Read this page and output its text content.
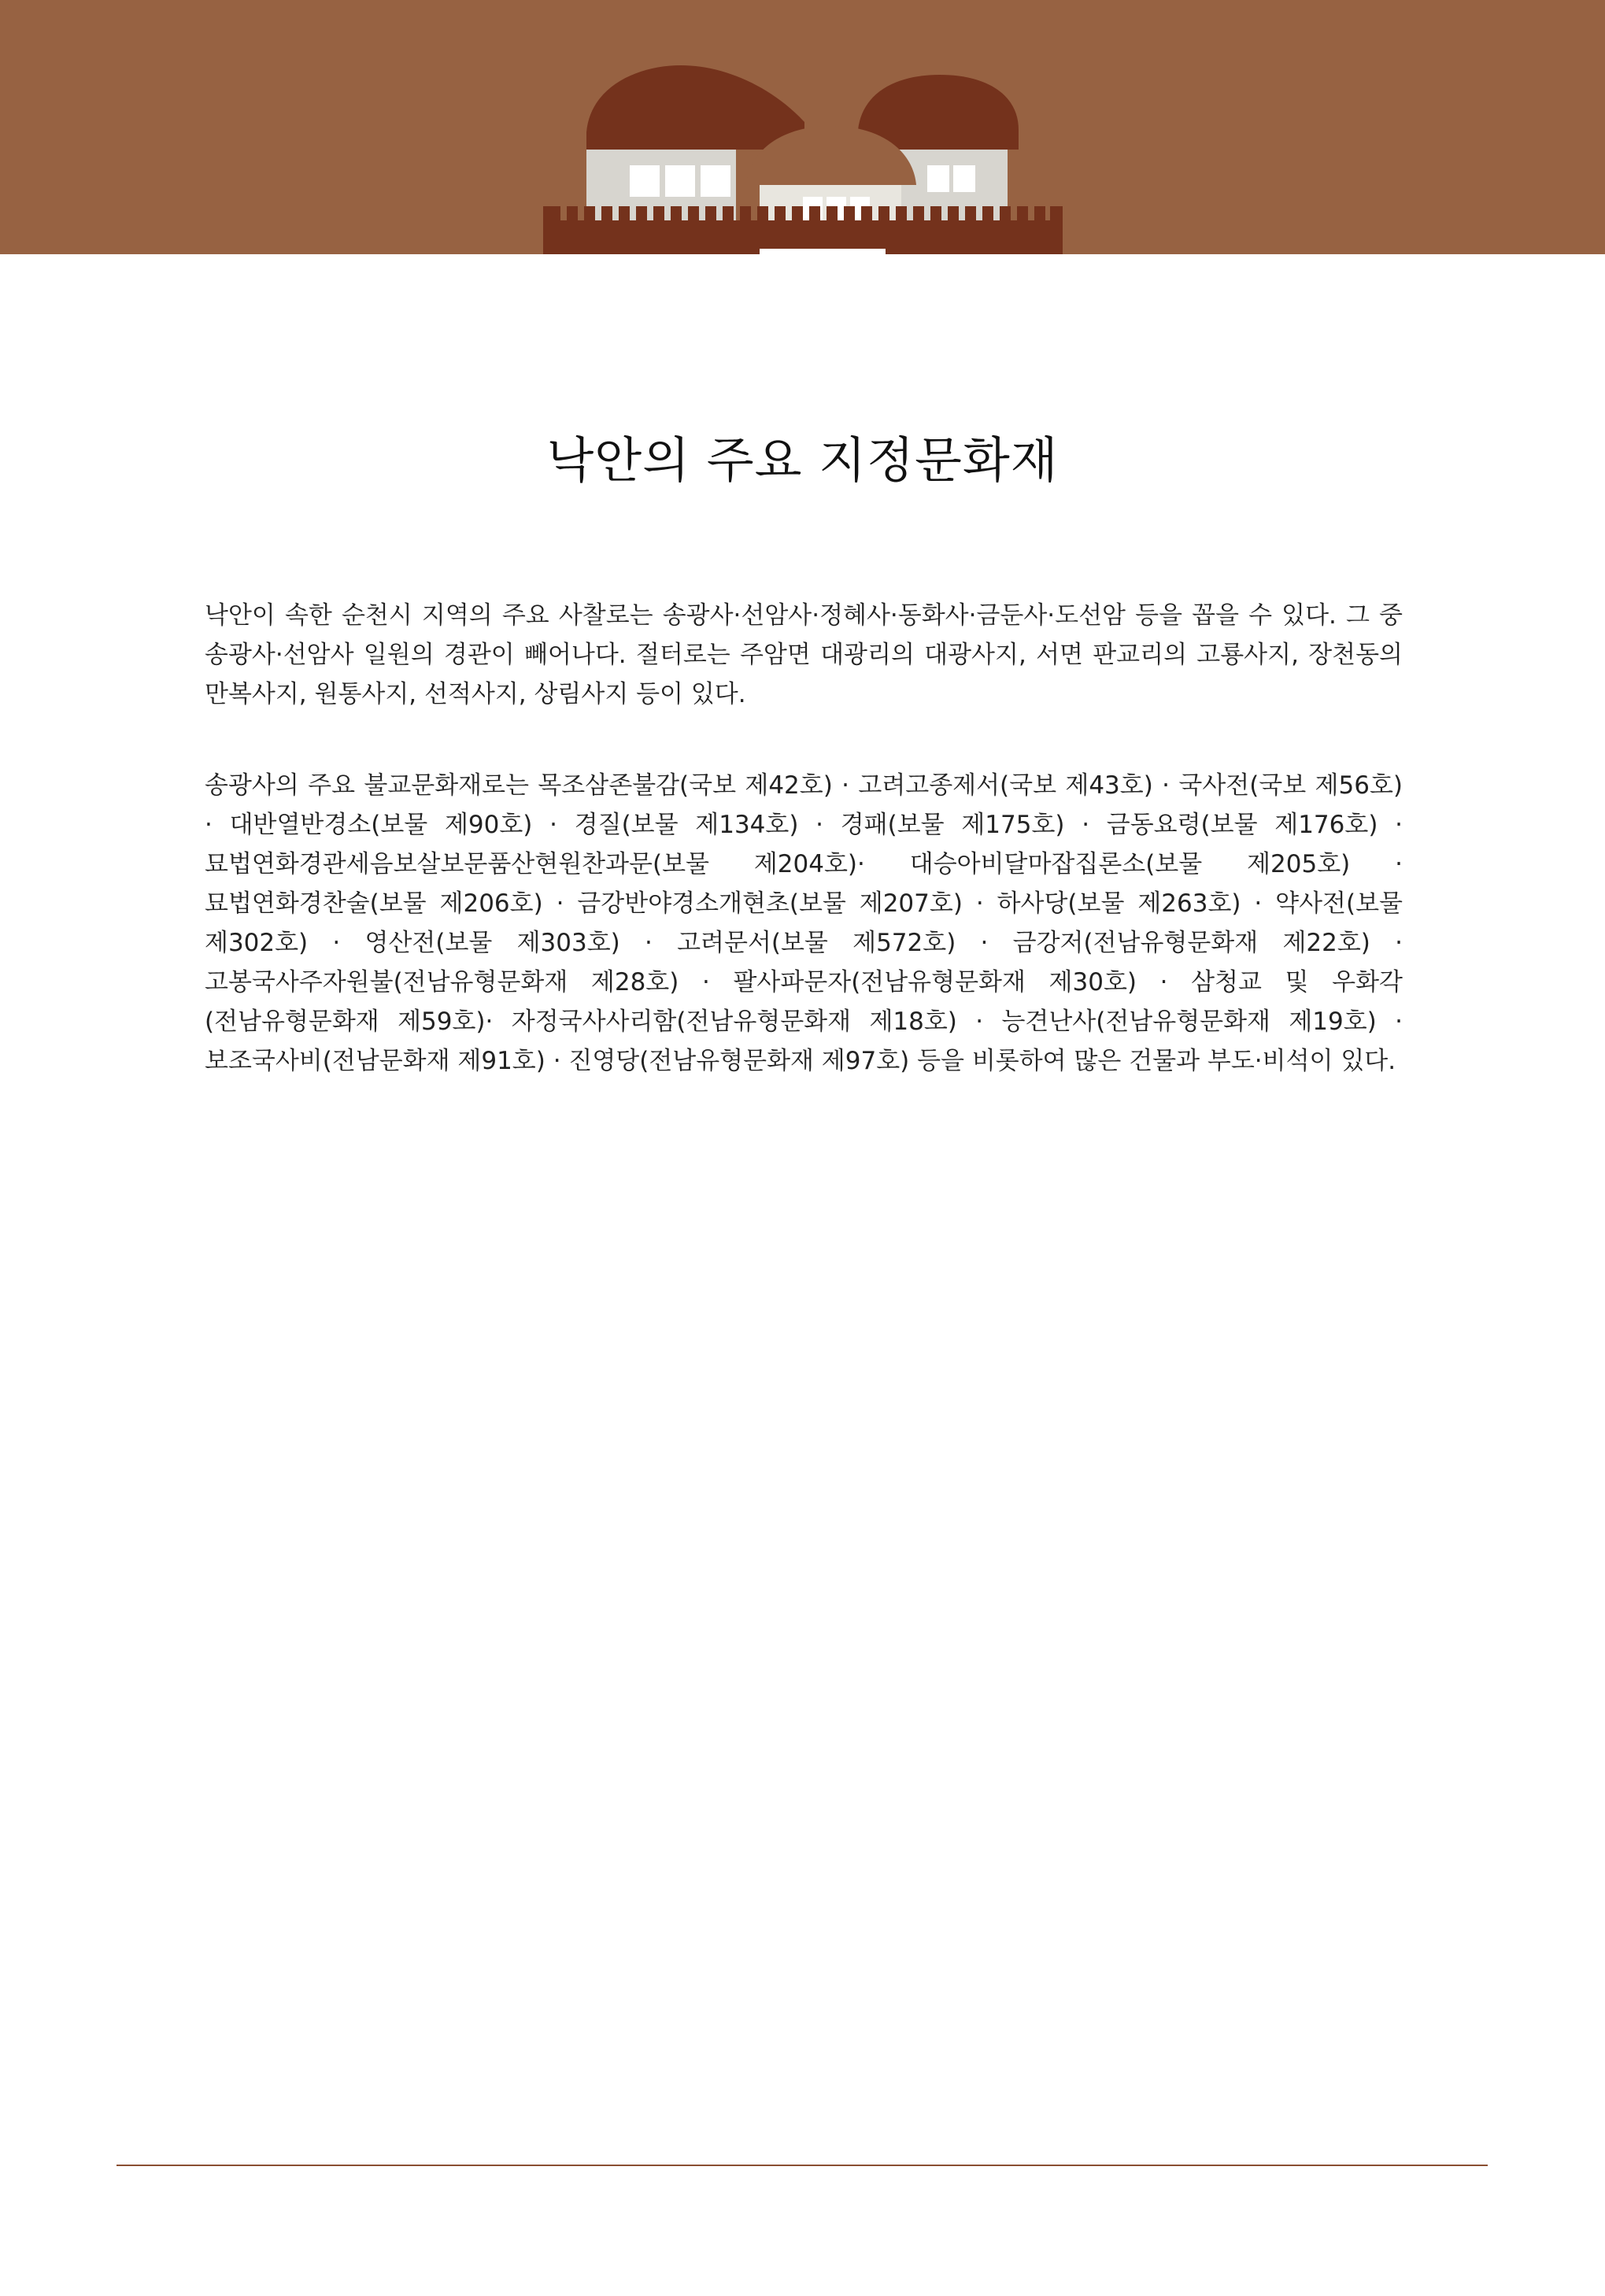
낙안의 주요 지정문화재

낙안이 속한 순천시 지역의 주요 사찰로는 송광사·선암사·정혜사·동화사·금둔사·도선암 등을 꼽을 수 있다. 그 중 송광사·선암사 일원의 경관이 빼어나다. 절터로는 주암면 대광리의 대광사지, 서면 판교리의 고룡사지, 장천동의 만복사지, 원통사지, 선적사지, 상림사지 등이 있다.

송광사의 주요 불교문화재로는 목조삼존불감(국보 제42호) · 고려고종제서(국보 제43호) · 국사전(국보 제56호) · 대반열반경소(보물 제90호) · 경질(보물 제134호) · 경패(보물 제175호) · 금동요령(보물 제176호) · 묘법연화경관세음보살보문품산현원찬과문(보물 제204호)· 대승아비달마잡집론소(보물 제205호) · 묘법연화경찬술(보물 제206호) · 금강반야경소개현초(보물 제207호) · 하사당(보물 제263호) · 약사전(보물 제302호) · 영산전(보물 제303호) · 고려문서(보물 제572호) · 금강저(전남유형문화재 제22호) · 고봉국사주자원불(전남유형문화재 제28호) · 팔사파문자(전남유형문화재 제30호) · 삼청교 및 우화각(전남유형문화재 제59호)· 자정국사사리함(전남유형문화재 제18호) · 능견난사(전남유형문화재 제19호) · 보조국사비(전남문화재 제91호) · 진영당(전남유형문화재 제97호) 등을 비롯하여 많은 건물과 부도·비석이 있다.
